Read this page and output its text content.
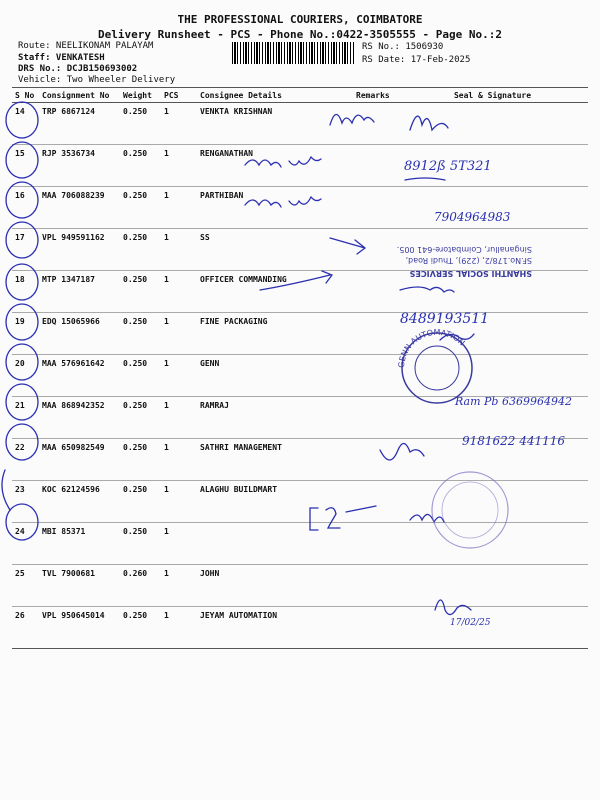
THE PROFESSIONAL COURIERS, COIMBATORE
Delivery Runsheet - PCS - Phone No.:0422-3505555 - Page No.:2
Route: NEELIKONAM PALAYAM
Staff: VENKATESH
DRS No.: DCJB150693002
Vehicle: Two Wheeler Delivery
RS No.: 1506930
RS Date: 17-Feb-2025
S No	Consignment No	Weight	PCS	Consignee Details	Remarks	Seal & Signature
14	TRP 6867124	0.250	1	VENKTA KRISHNAN		
15	RJP 3536734	0.250	1	RENGANATHAN		
16	MAA 706088239	0.250	1	PARTHIBAN		
17	VPL 949591162	0.250	1	SS		
18	MTP 1347187	0.250	1	OFFICER COMMANDING		
19	EDQ 15065966	0.250	1	FINE PACKAGING		
20	MAA 576961642	0.250	1	GENN		
21	MAA 868942352	0.250	1	RAMRAJ		
22	MAA 650982549	0.250	1	SATHRI MANAGEMENT		
23	KOC 62124596	0.250	1	ALAGHU BUILDMART		
24	MBI 85371	0.250	1			
25	TVL 7900681	0.260	1	JOHN		
26	VPL 950645014	0.250	1	JEYAM AUTOMATION		
8912ß 5T321
7904964983
8489193511
Ram Pb 6369964942
9181622 441116
17/02/25
SHANTHI SOCIAL SERVICES
SF.No.178/2, (229), Thudi Road, Singanallur, Coimbatore-641 005.
GENN AUTOMATION
